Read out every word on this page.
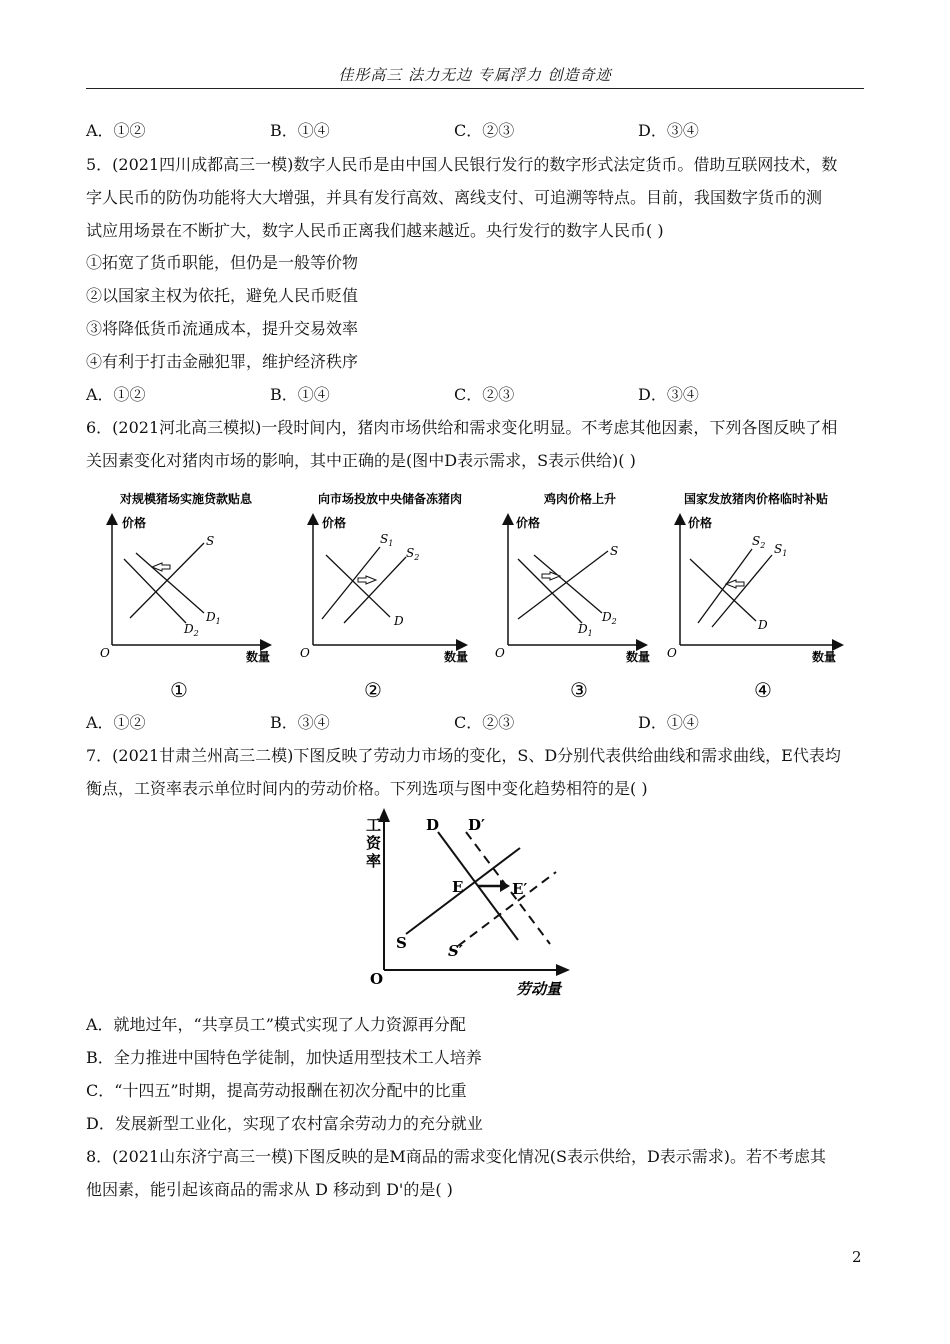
佳彤高三 法力无边 专属浮力 创造奇迹
A．①②	B．①④	C．②③	D．③④
5．(2021四川成都高三一模)数字人民币是由中国人民银行发行的数字形式法定货币。借助互联网技术，数
字人民币的防伪功能将大大增强，并具有发行高效、离线支付、可追溯等特点。目前，我国数字货币的测
试应用场景在不断扩大，数字人民币正离我们越来越近。央行发行的数字人民币( )
①拓宽了货币职能，但仍是一般等价物
②以国家主权为依托，避免人民币贬值
③将降低货币流通成本，提升交易效率
④有利于打击金融犯罪，维护经济秩序
A．①②	B．①④	C．②③	D．③④
6．(2021河北高三模拟)一段时间内，猪肉市场供给和需求变化明显。不考虑其他因素，下列各图反映了相
关因素变化对猪肉市场的影响，其中正确的是(图中D表示需求，S表示供给)( )
对规模猪场实施贷款贴息
价格
O	数量
S
$D_1$
$D_2$
①
向市场投放中央储备冻猪肉
价格
O	数量
$S_1$
$S_2$
D
②
鸡肉价格上升
价格
O	数量
S
$D_2$
$D_1$
③
国家发放猪肉价格临时补贴
价格
O	数量
$S_2$ $S_1$
D
④
A．①②	B．③④	C．②③	D．①④
7．(2021甘肃兰州高三二模)下图反映了劳动力市场的变化，S、D分别代表供给曲线和需求曲线，E代表均
衡点，工资率表示单位时间内的劳动价格。下列选项与图中变化趋势相符的是( )
工
资
率
O
劳动量
D D′
E	E′
S	S′
A．就地过年，“共享员工”模式实现了人力资源再分配
B．全力推进中国特色学徒制，加快适用型技术工人培养
C．“十四五”时期，提高劳动报酬在初次分配中的比重
D．发展新型工业化，实现了农村富余劳动力的充分就业
8．(2021山东济宁高三一模)下图反映的是M商品的需求变化情况(S表示供给，D表示需求)。若不考虑其
他因素，能引起该商品的需求从 D 移动到 D'的是( )
2
